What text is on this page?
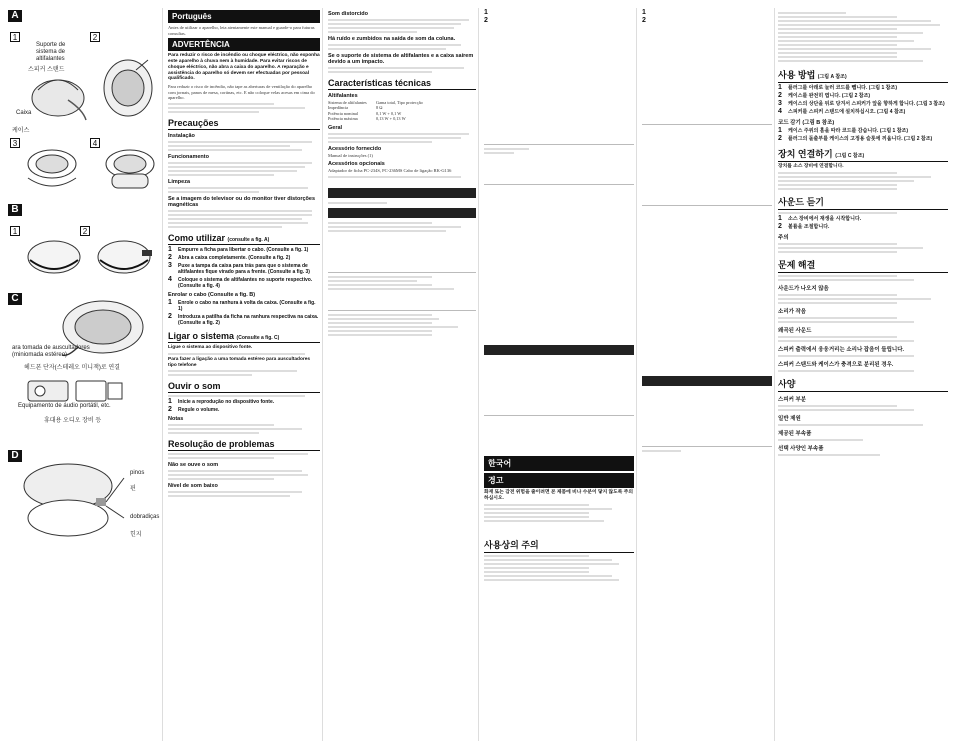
A
1	2
Suporte de sistema de altifalantes
스피커 스탠드
Caixa
케이스
3	4
B
1	2
C
ara tomada de auscultadores (miniomada estéreo)
헤드폰 단자(스테레오 미니잭)로 연결
Equipamento de áudio portátil, etc.
휴대용 오디오 장비 등
D
pinos
핀
dobradiças
힌지
Português

Antes de utilizar o aparelho, leia atentamente este manual e guarde-o para futuras consultas.

ADVERTÊNCIA

Para reduzir o risco de incêndio ou choque eléctrico, não exponha este aparelho à chuva nem à humidade. Para evitar riscos de choque eléctrico, não abra a caixa do aparelho. A reparação e assistência do aparelho só devem ser efectuadas por pessoal qualificado.

Para reduzir o risco de incêndio, não tape as aberturas de ventilação do aparelho com jornais, panos de mesa, cortinas, etc. E não coloque velas acesas em cima do aparelho.

Precauções
Instalação
Funcionamento
Limpeza
Se a imagem do televisor ou do monitor tiver distorções magnéticas
Como utilizar (consulte a fig. A)
1	Empurre a ficha para libertar o cabo. (Consulte a fig. 1)
2	Abra a caixa completamente. (Consulte a fig. 2)
3	Puxe a tampa da caixa para trás para que o sistema de altifalantes fique virado para a frente. (Consulte a fig. 3)
4	Coloque o sistema de altifalantes no suporte respectivo. (Consulte a fig. 4)
Enrolar o cabo (Consulte a fig. B)
1	Enrole o cabo na ranhura à volta da caixa. (Consulte a fig. 1)
2	Introduza a patilha da ficha na ranhura respectiva na caixa. (Consulte a fig. 2)
Ligar o sistema (Consulte a fig. C)

Ligue o sistema ao dispositivo fonte.

Para fazer a ligação a uma tomada estéreo para auscultadores tipo telefone

Ouvir o som
1	Inicie a reprodução no dispositivo fonte.
2	Regule o volume.
Notas
Resolução de problemas
Não se ouve o som
Nível de som baixo
Som distorcido
Há ruído e zumbidos na saída de som da coluna.
Se o suporte de sistema de altifalantes e a caixa saírem devido a um impacto.
Características técnicas
Altifalantes
Sistema de altifalantes	Gama total, Tipo protecção
Impedância	8 Ω
Potência nominal	0,1 W + 0,1 W
Potência máxima	0,13 W + 0,13 W
Geral
Acessório fornecido

Manual de instruções (1)

Acessórios opcionais

Adaptador de ficha PC-234S, PC-236MS Cabo de ligação RK-G136

1
2
한국어
경고

화재 또는 감전 위험을 줄이려면 본 제품에 비나 수분이 닿지 않도록 주의하십시오.

사용상의 주의
1
2
사용 방법 (그림 A 참조)
1	플러그를 아래로 눌러 코드를 뺍니다. (그림 1 참조)
2	케이스를 완전히 엽니다. (그림 2 참조)
3	케이스의 상단을 뒤로 당겨서 스피커가 앞을 향하게 합니다. (그림 3 참조)
4	스피커를 스피커 스탠드에 설치하십시오. (그림 4 참조)
코드 감기 (그림 B 참조)
1	케이스 주위의 홈을 따라 코드를 감습니다. (그림 1 참조)
2	플러그의 돌출부를 케이스의 고정용 슬롯에 끼웁니다. (그림 2 참조)
장치 연결하기 (그림 C 참조)

장치를 소스 장비에 연결합니다.

사운드 듣기
1	소스 장비에서 재생을 시작합니다.
2	볼륨을 조절합니다.
주의
문제 해결
사운드가 나오지 않음
소리가 작음
왜곡된 사운드
스피커 출력에서 웅웅거리는 소리나 잡음이 들립니다.
스피커 스탠드와 케이스가 충격으로 분리된 경우.
사양
스피커 부분
일반 제원
제공된 부속품
선택 사양인 부속품
